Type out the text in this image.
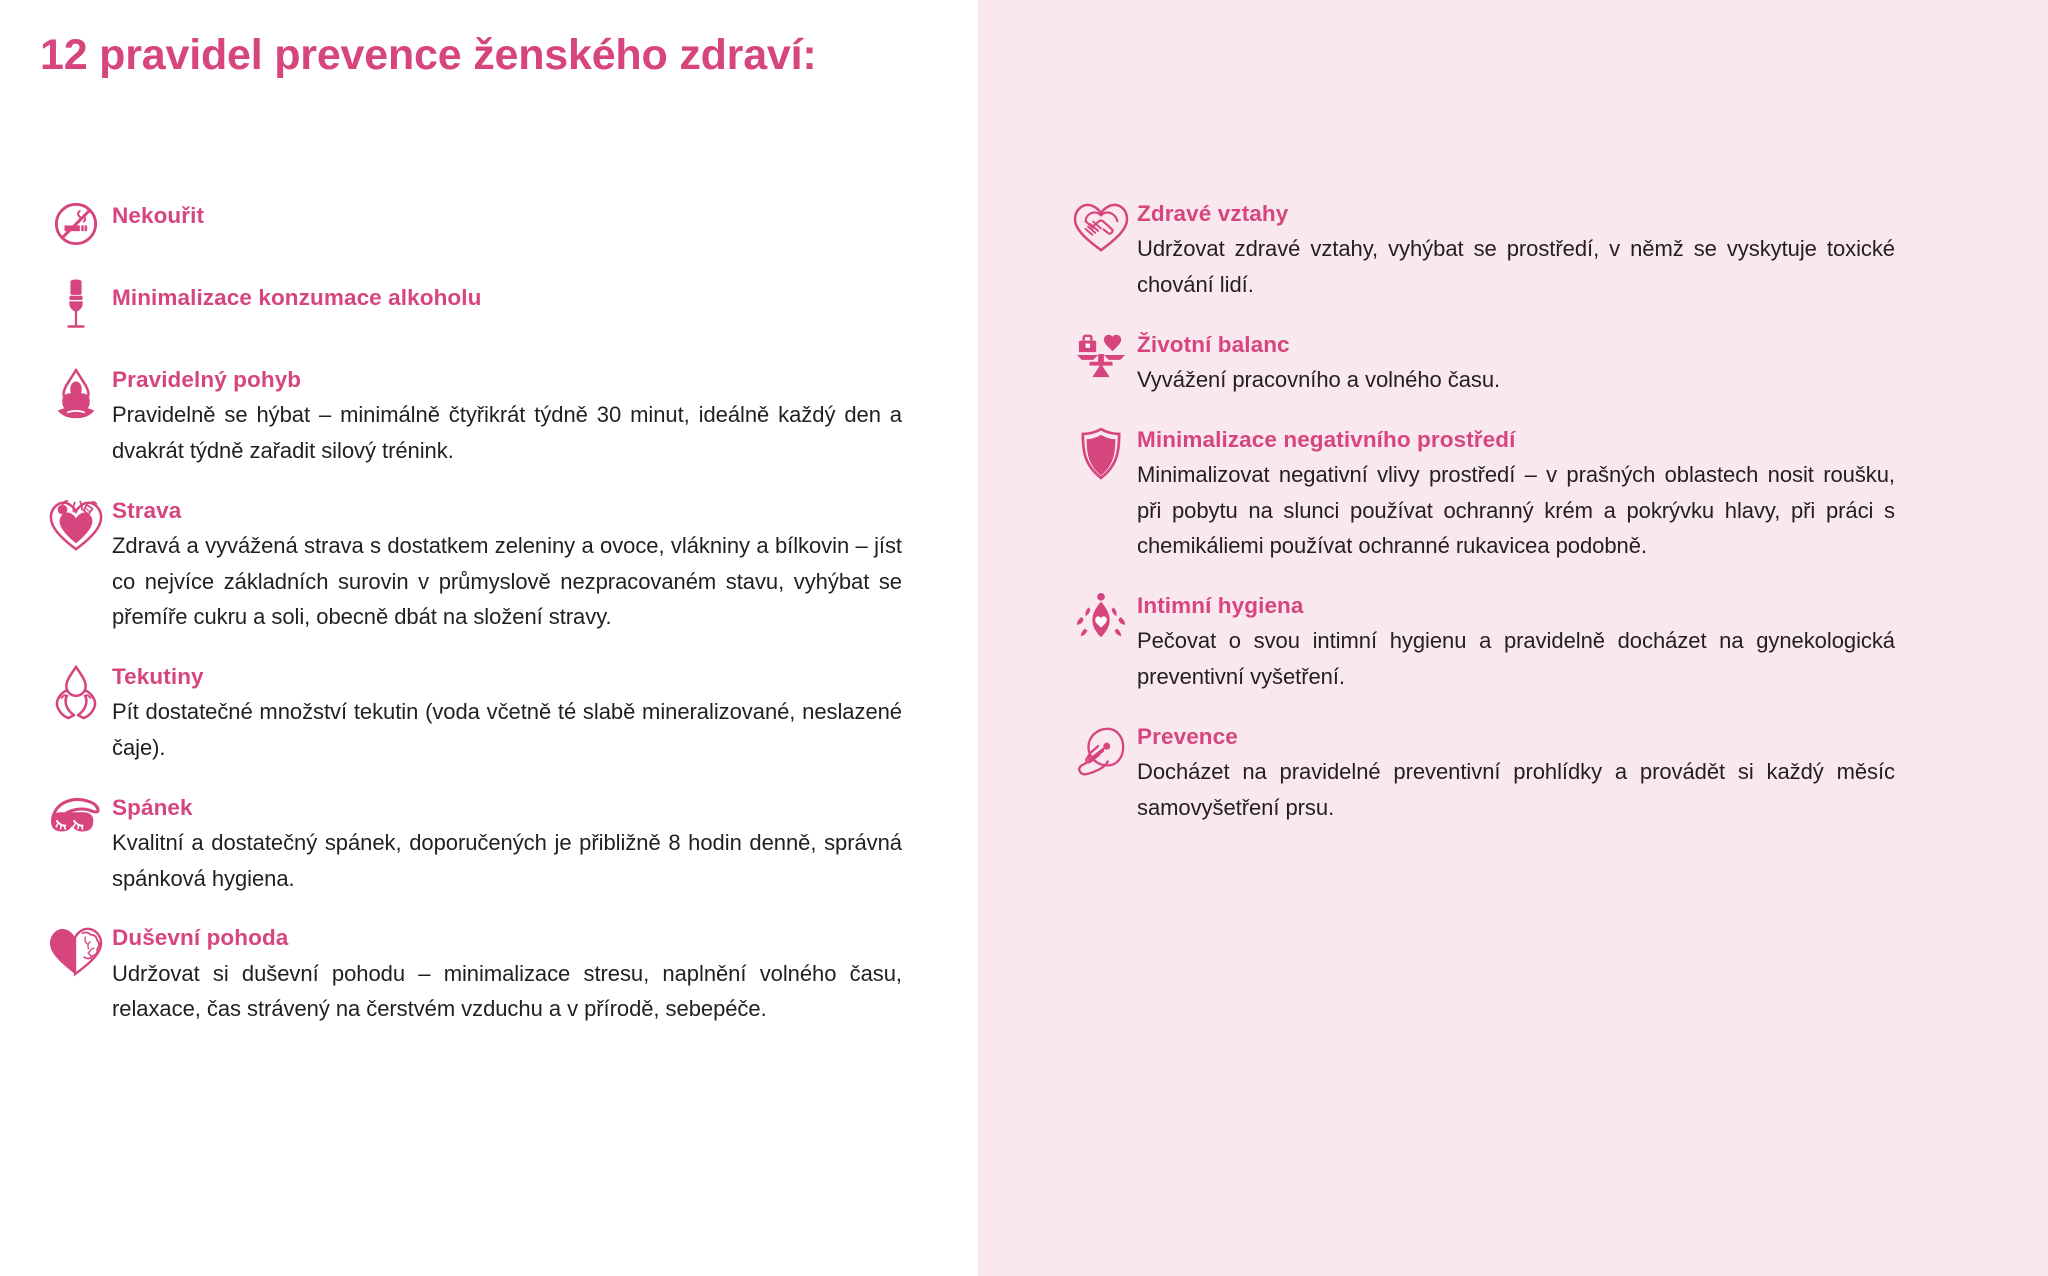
12 pravidel prevence ženského zdraví:
Nekouřit
Minimalizace konzumace alkoholu
Pravidelný pohyb
Pravidelně se hýbat – minimálně čtyřikrát týdně 30 minut, ideálně každý den a dvakrát týdně zařadit silový trénink.
Strava
Zdravá a vyvážená strava s dostatkem zeleniny a ovoce, vlákniny a bílkovin – jíst co nejvíce základních surovin v průmyslově nezpracovaném stavu, vyhýbat se přemíře cukru a soli, obecně dbát na složení stravy.
Tekutiny
Pít dostatečné množství tekutin (voda včetně té slabě mineralizované, neslazené čaje).
Spánek
Kvalitní a dostatečný spánek, doporučených je přibližně 8 hodin denně, správná spánková hygiena.
Duševní pohoda
Udržovat si duševní pohodu – minimalizace stresu, naplnění volného času, relaxace, čas strávený na čerstvém vzduchu a v přírodě, sebepéče.
Zdravé vztahy
Udržovat zdravé vztahy, vyhýbat se prostředí, v němž se vyskytuje toxické chování lidí.
Životní balanc
Vyvážení pracovního a volného času.
Minimalizace negativního prostředí
Minimalizovat negativní vlivy prostředí – v prašných oblastech nosit roušku, při pobytu na slunci používat ochranný krém a pokrývku hlavy, při práci s chemikáliemi používat ochranné rukavicea podobně.
Intimní hygiena
Pečovat o svou intimní hygienu a pravidelně docházet na gynekologická preventivní vyšetření.
Prevence
Docházet na pravidelné preventivní prohlídky a provádět si každý měsíc samovyšetření prsu.
